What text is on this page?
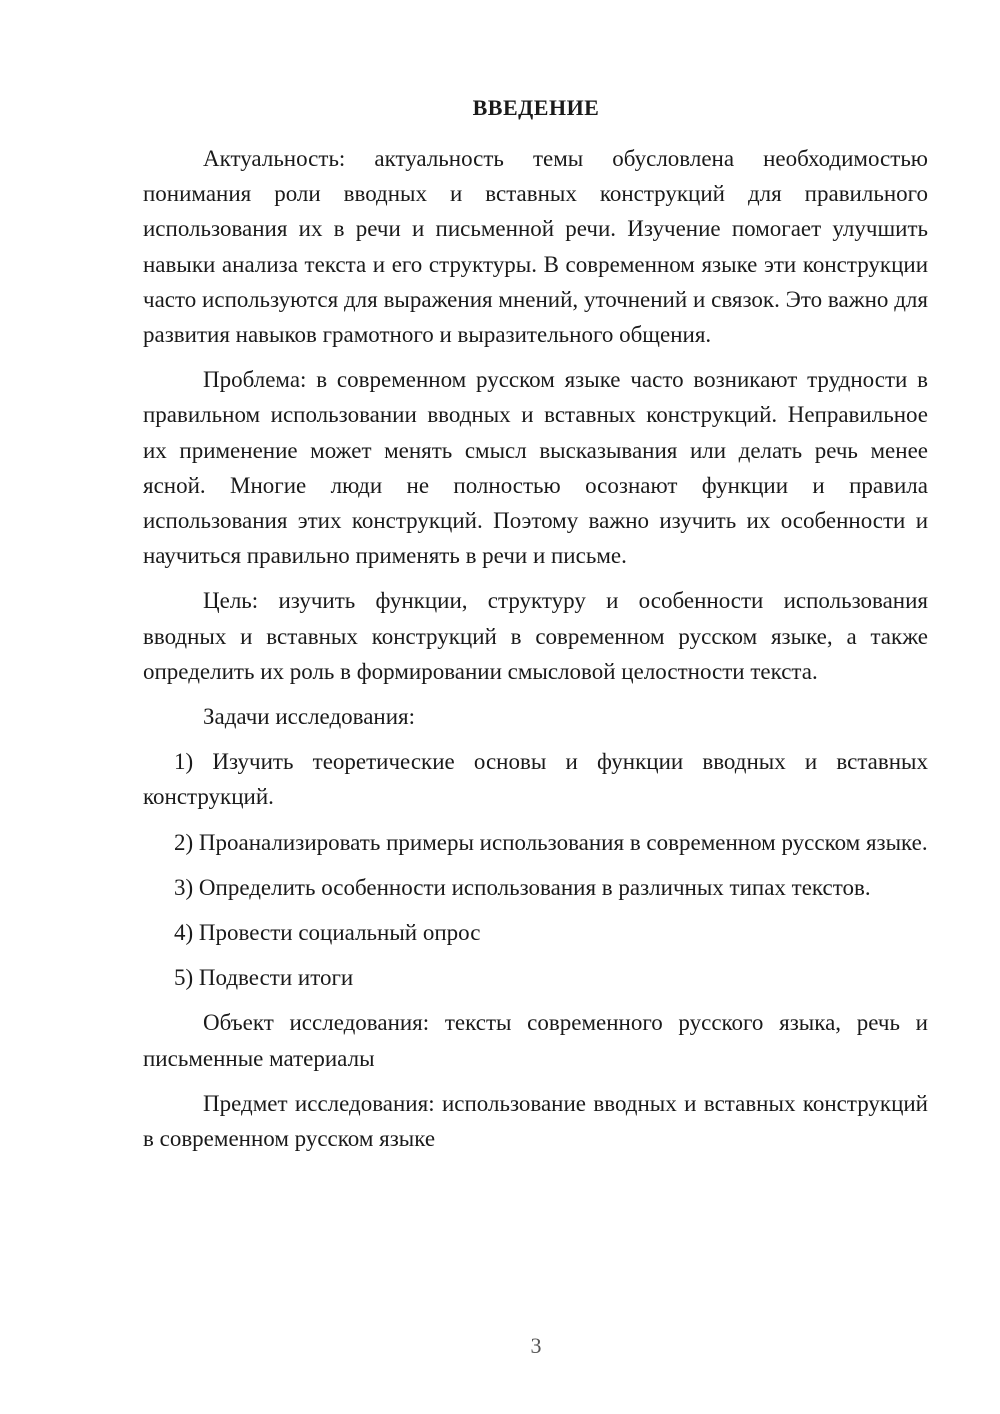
ВВЕДЕНИЕ

Актуальность: актуальность темы обусловлена необходимостью понимания роли вводных и вставных конструкций для правильного использования их в речи и письменной речи. Изучение помогает улучшить навыки анализа текста и его структуры. В современном языке эти конструкции часто используются для выражения мнений, уточнений и связок. Это важно для развития навыков грамотного и выразительного общения.

Проблема: в современном русском языке часто возникают трудности в правильном использовании вводных и вставных конструкций. Неправильное их применение может менять смысл высказывания или делать речь менее ясной. Многие люди не полностью осознают функции и правила использования этих конструкций. Поэтому важно изучить их особенности и научиться правильно применять в речи и письме.

Цель: изучить функции, структуру и особенности использования вводных и вставных конструкций в современном русском языке, а также определить их роль в формировании смысловой целостности текста.

Задачи исследования:

1) Изучить теоретические основы и функции вводных и вставных конструкций.

2) Проанализировать примеры использования в современном русском языке.

3) Определить особенности использования в различных типах текстов.

4) Провести социальный опрос

5) Подвести итоги

Объект исследования: тексты современного русского языка, речь и письменные материалы

Предмет исследования: использование вводных и вставных конструкций в современном русском языке

3
